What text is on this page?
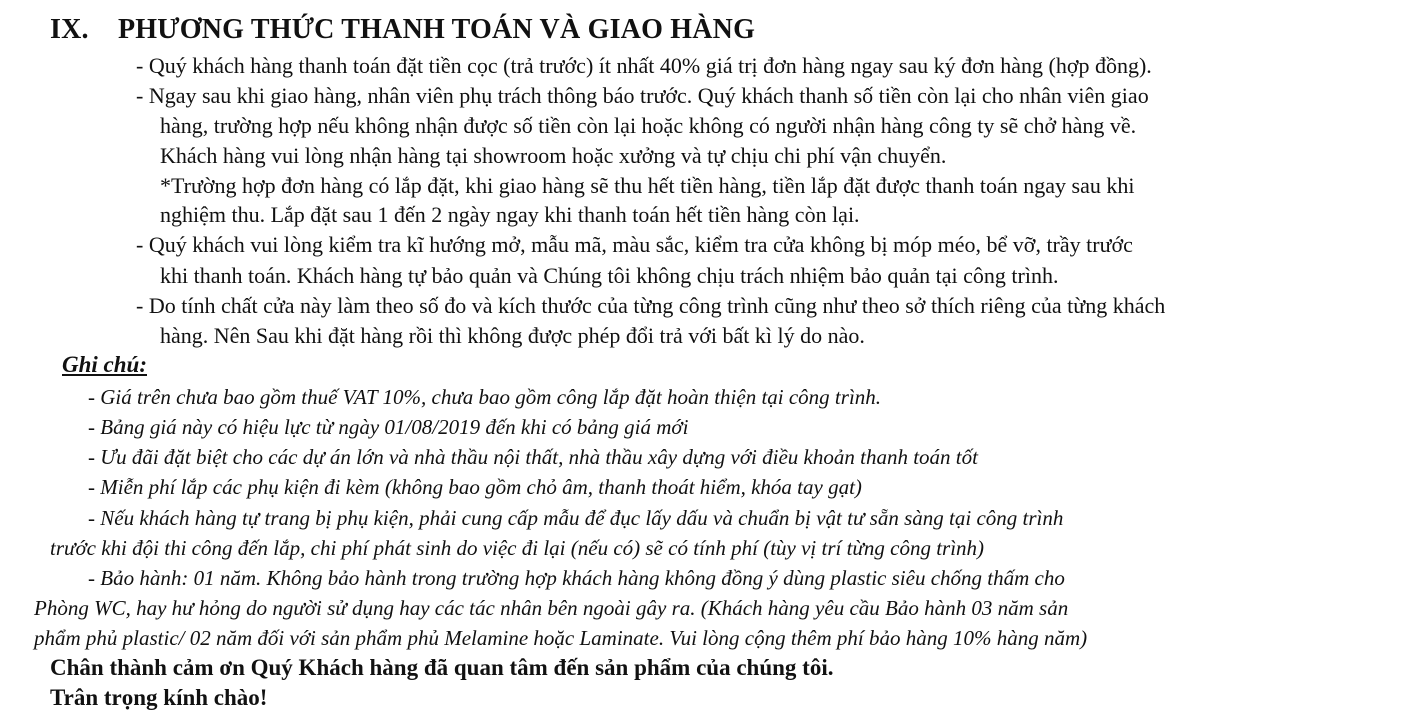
IX. PHƯƠNG THỨC THANH TOÁN VÀ GIAO HÀNG
- Quý khách hàng thanh toán đặt tiền cọc (trả trước) ít nhất 40% giá trị đơn hàng ngay sau ký đơn hàng (hợp đồng).
- Ngay sau khi giao hàng, nhân viên phụ trách thông báo trước. Quý khách thanh số tiền còn lại cho nhân viên giao
hàng, trường hợp nếu không nhận được số tiền còn lại hoặc không có người nhận hàng công ty sẽ chở hàng về.
Khách hàng vui lòng nhận hàng tại showroom hoặc xưởng và tự chịu chi phí vận chuyển.
*Trường hợp đơn hàng có lắp đặt, khi giao hàng sẽ thu hết tiền hàng, tiền lắp đặt được thanh toán ngay sau khi
nghiệm thu. Lắp đặt sau 1 đến 2 ngày ngay khi thanh toán hết tiền hàng còn lại.
- Quý khách vui lòng kiểm tra kĩ hướng mở, mẫu mã, màu sắc, kiểm tra cửa không bị móp méo, bể vỡ, trầy trước
khi thanh toán. Khách hàng tự bảo quản và Chúng tôi không chịu trách nhiệm bảo quản tại công trình.
- Do tính chất cửa này làm theo số đo và kích thước của từng công trình cũng như theo sở thích riêng của từng khách
hàng. Nên Sau khi đặt hàng rồi thì không được phép đổi trả với bất kì lý do nào.
Ghi chú:
- Giá trên chưa bao gồm thuế VAT 10%, chưa bao gồm công lắp đặt hoàn thiện tại công trình.
- Bảng giá này có hiệu lực từ ngày 01/08/2019 đến khi có bảng giá mới
- Ưu đãi đặt biệt cho các dự án lớn và nhà thầu nội thất, nhà thầu xây dựng với điều khoản thanh toán tốt
- Miễn phí lắp các phụ kiện đi kèm (không bao gồm chỏ âm, thanh thoát hiểm, khóa tay gạt)
- Nếu khách hàng tự trang bị phụ kiện, phải cung cấp mẫu để đục lấy dấu và chuẩn bị vật tư sẵn sàng tại công trình
trước khi đội thi công đến lắp, chi phí phát sinh do việc đi lại (nếu có) sẽ có tính phí (tùy vị trí từng công trình)
- Bảo hành: 01 năm. Không bảo hành trong trường hợp khách hàng không đồng ý dùng plastic siêu chống thấm cho
Phòng WC, hay hư hỏng do người sử dụng hay các tác nhân bên ngoài gây ra. (Khách hàng yêu cầu Bảo hành 03 năm sản
phẩm phủ plastic/ 02 năm đối với sản phẩm phủ Melamine hoặc Laminate. Vui lòng cộng thêm phí bảo hàng 10% hàng năm)
Chân thành cảm ơn Quý Khách hàng đã quan tâm đến sản phẩm của chúng tôi.
Trân trọng kính chào!
